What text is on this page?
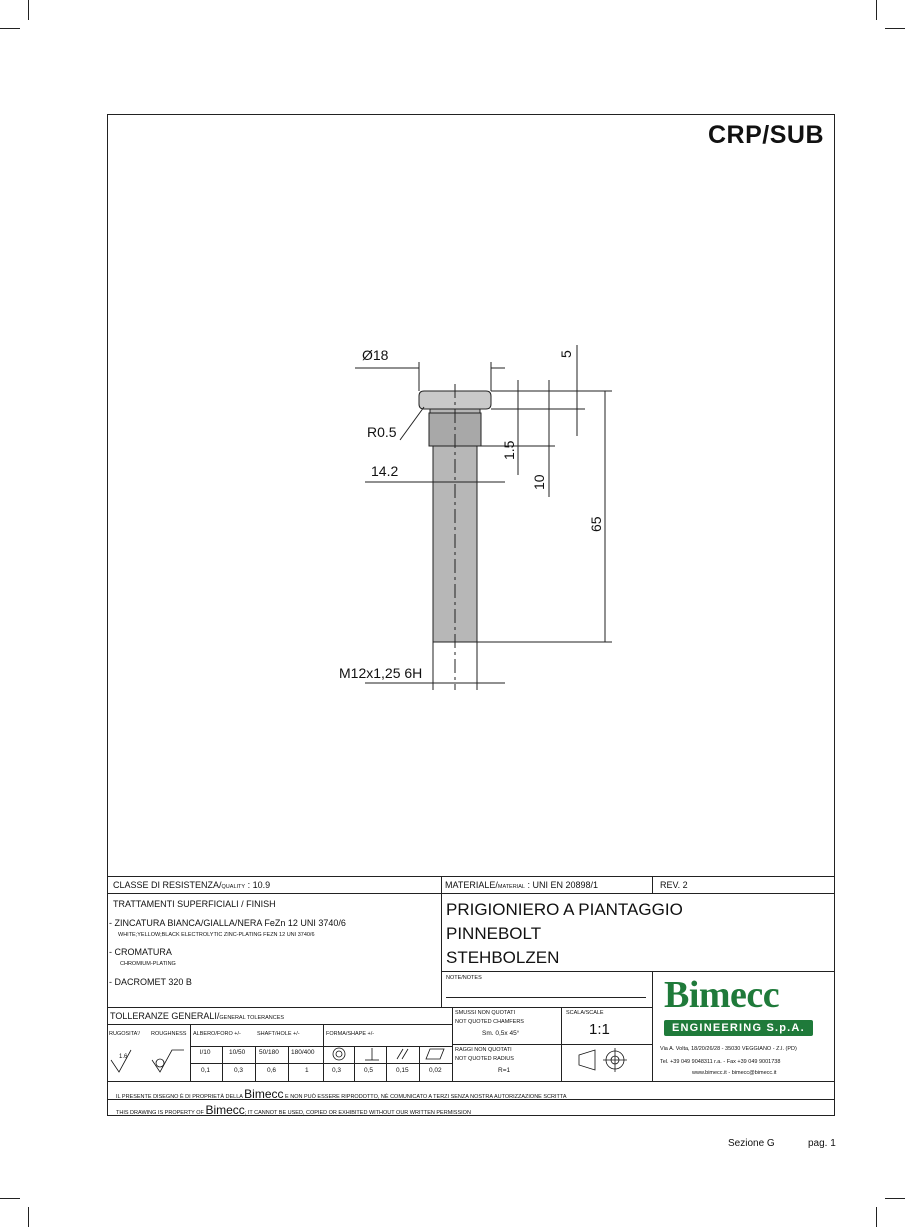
CRP/SUB
Ø18	5
R0.5
14.2
1.5
10
65
M12x1,25 6H
CLASSE DI RESISTENZA/QUALITY : 10.9	MATERIALE/MATERIAL : UNI EN 20898/1	REV. 2
TRATTAMENTI SUPERFICIALI / FINISH
- ZINCATURA BIANCA/GIALLA/NERA FeZn 12 UNI 3740/6
WHITE;YELLOW;BLACK ELECTROLYTIC ZINC-PLATING FEZN 12 UNI 3740/6
- CROMATURA
CHROMIUM-PLATING
- DACROMET 320 B
PRIGIONIERO A PIANTAGGIO
PINNEBOLT
STEHBOLZEN
NOTE/NOTES	Bimecc
ENGINEERING S.p.A.
Via A. Volta, 18/20/26/28 - 35030 VEGGIANO - Z.I. (PD)
Tel. +39 049 9048311 r.a. - Fax +39 049 9001738
www.bimecc.it - bimecc@bimecc.it
TOLLERANZE GENERALI/GENERAL TOLERANCES
RUGOSITA'/ ROUGHNESS ALBERO/FORO +/-	SHAFT/HOLE +/-	FORMA/SHAPE +/-
1.6
l/10	10/50 50/180 180/400
0,1	0,3	0,6	1	0,3	0,5	0,15	0,02
SMUSSI NON QUOTATI
NOT QUOTED CHAMFERS
Sm. 0,5x 45°
RAGGI NON QUOTATI
NOT QUOTED RADIUS
R=1
SCALA/SCALE
1:1
IL PRESENTE DISEGNO È DI PROPRIETÀ DELLA Bimecc E NON PUÒ ESSERE RIPRODOTTO, NÈ COMUNICATO A TERZI SENZA NOSTRA AUTORIZZAZIONE SCRITTA
THIS DRAWING IS PROPERTY OF Bimecc; IT CANNOT BE USED, COPIED OR EXHIBITED WITHOUT OUR WRITTEN PERMISSION
Sezione G	pag. 1
